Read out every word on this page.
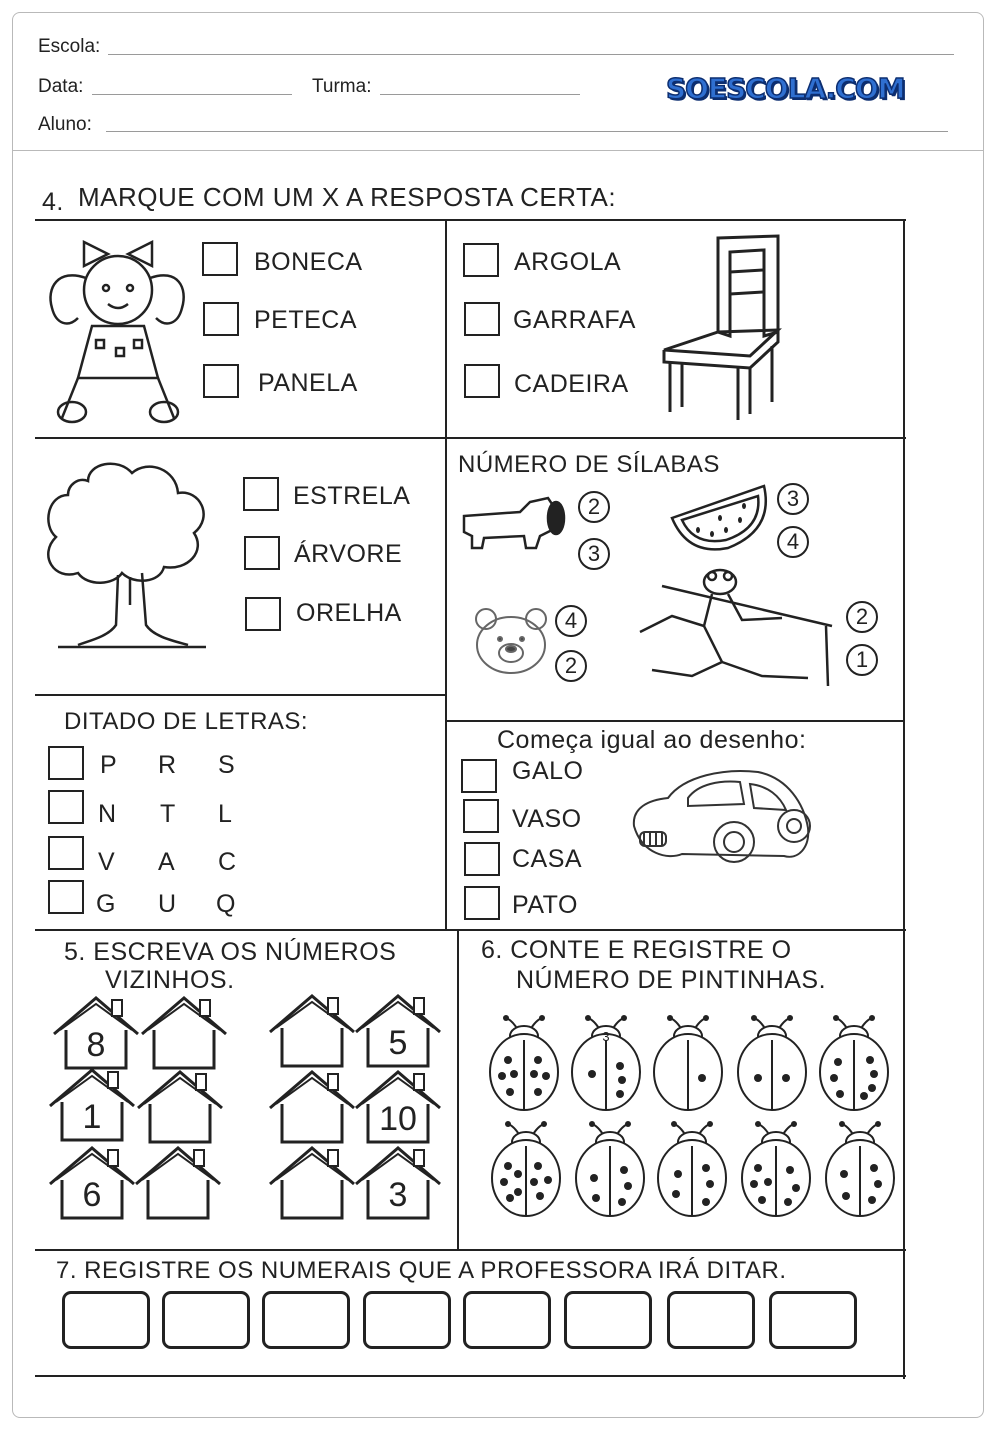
Escola:
Data:	Turma:
Aluno:
SOESCOLA.COM
4. MARQUE COM UM X A RESPOSTA CERTA:
BONECA
PETECA
PANELA
ARGOLA
GARRAFA
CADEIRA
ESTRELA
ÁRVORE
ORELHA
NÚMERO DE SÍLABAS
2
3
3
4
4
2
2
1
DITADO DE LETRAS:
P R S
N T L
V A C
G U Q
Começa igual ao desenho:
GALO
VASO
CASA
PATO
5. ESCREVA OS NÚMEROS
VIZINHOS.
8
1
6
5
10
3
6. CONTE E REGISTRE O
NÚMERO DE PINTINHAS.
3
7. REGISTRE OS NUMERAIS QUE A PROFESSORA IRÁ DITAR.
